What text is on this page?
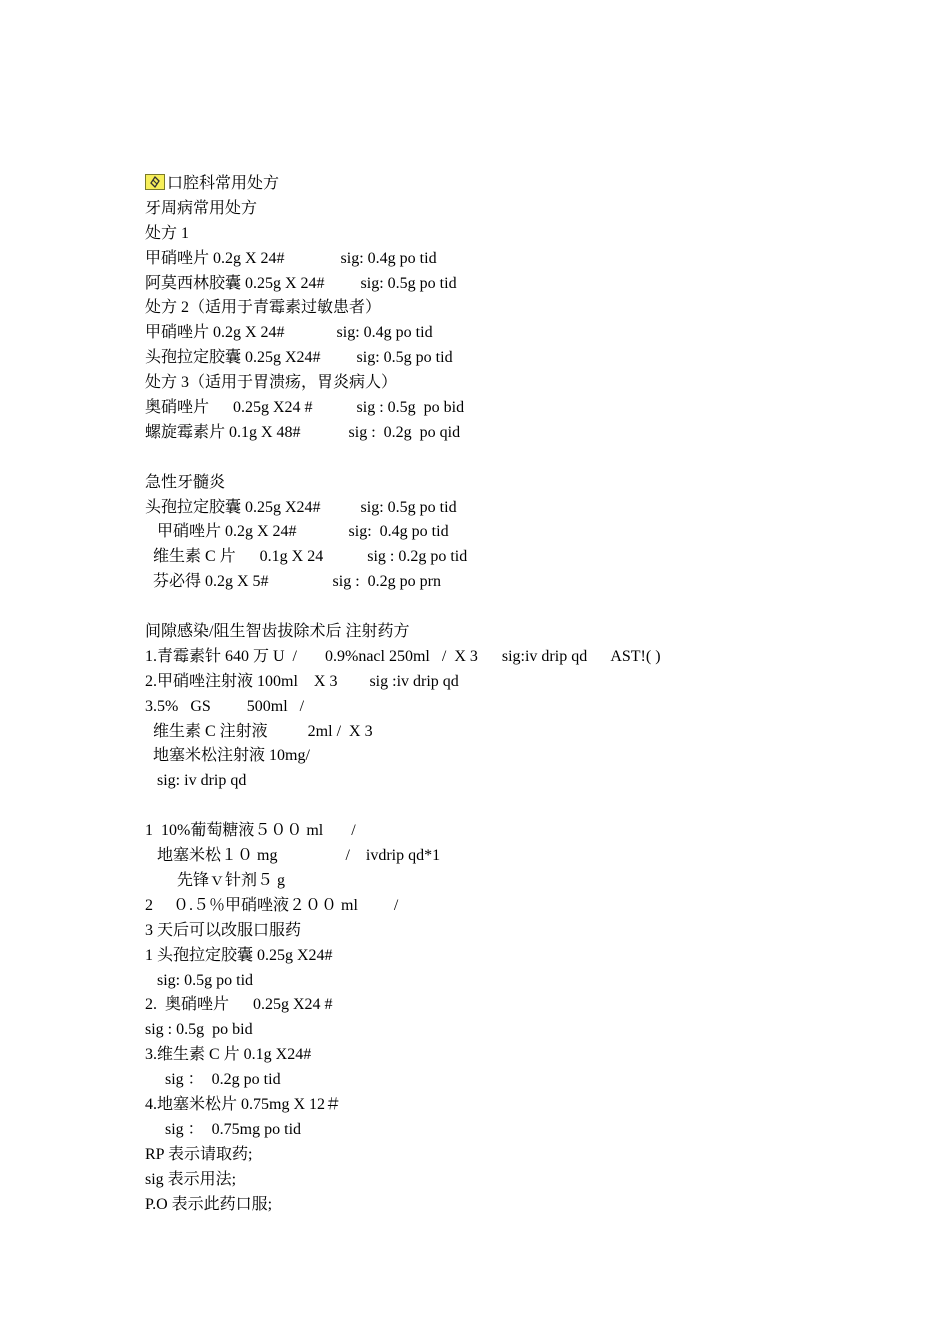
口腔科常用处方
牙周病常用处方
处方 1
甲硝唑片 0.2g X 24#              sig: 0.4g po tid
阿莫西林胶囊 0.25g X 24#         sig: 0.5g po tid
处方 2（适用于青霉素过敏患者）
甲硝唑片 0.2g X 24#             sig: 0.4g po tid
头孢拉定胶囊 0.25g X24#         sig: 0.5g po tid
处方 3（适用于胃溃疡，胃炎病人）
奥硝唑片      0.25g X24 #           sig : 0.5g  po bid
螺旋霉素片 0.1g X 48#            sig :  0.2g  po qid
急性牙髓炎
头孢拉定胶囊 0.25g X24#          sig: 0.5g po tid
甲硝唑片 0.2g X 24#             sig:  0.4g po tid
维生素 C 片      0.1g X 24           sig : 0.2g po tid
芬必得 0.2g X 5#                sig :  0.2g po prn
间隙感染/阻生智齿拔除术后 注射药方
1.青霉素针 640 万 U  /       0.9%nacl 250ml   /  X 3      sig:iv drip qd      AST!( )
2.甲硝唑注射液 100ml    X 3        sig :iv drip qd
3.5%   GS         500ml   /
维生素 C 注射液          2ml /  X 3
地塞米松注射液 10mg/
sig: iv drip qd
1  10%葡萄糖液５００ ml       /
地塞米松１０ mg                 /    ivdrip qd*1
先锋ｖ针剂５ g
2     ０.５％甲硝唑液２００ ml         /
3 天后可以改服口服药
1 头孢拉定胶囊 0.25g X24#
sig: 0.5g po tid
2.  奥硝唑片      0.25g X24 #
sig : 0.5g  po bid
3.维生素 C 片 0.1g X24#
sig ：  0.2g po tid
4.地塞米松片 0.75mg X 12＃
sig ：  0.75mg po tid
RP 表示请取药;
sig 表示用法;
P.O 表示此药口服;
